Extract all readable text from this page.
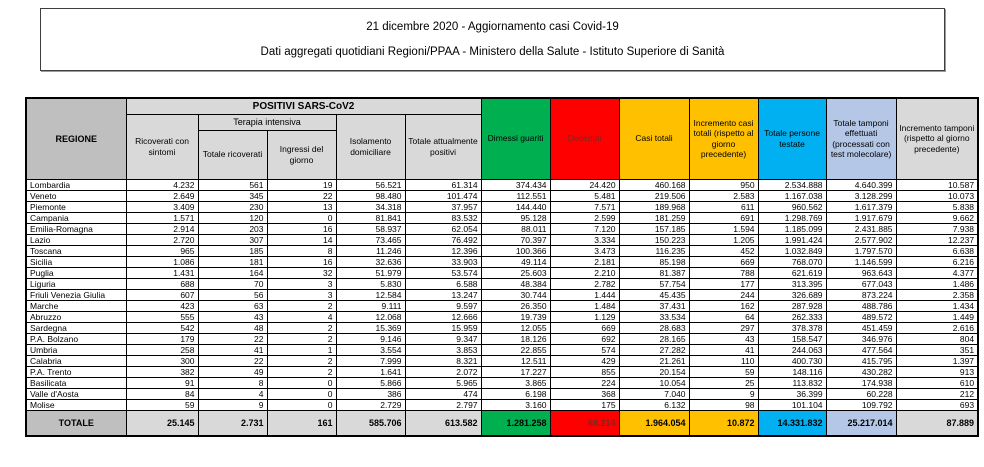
21 dicembre 2020 - Aggiornamento casi Covid-19
Dati aggregati quotidiani Regioni/PPAA - Ministero della Salute - Istituto Superiore di Sanità
REGIONE	POSITIVI SARS-CoV2					Dimessi guariti	Deceduti	Casi totali	Incremento casi totali (rispetto al giorno precedente)	Totale persone testate	Totale tamponi effettuati (processati con test molecolare)	Incremento tamponi (rispetto al giorno precedente)
	Ricoverati con sintomi	Terapia intensiva		Isolamento domiciliare	Totale attualmente positivi							
		Totale ricoverati	Ingressi del giorno									
Lombardia	4.232	561	19	56.521	61.314	374.434	24.420	460.168	950	2.534.888	4.640.399	10.587
Veneto	2.649	345	22	98.480	101.474	112.551	5.481	219.506	2.583	1.167.038	3.128.299	10.073
Piemonte	3.409	230	13	34.318	37.957	144.440	7.571	189.968	611	960.562	1.617.379	5.838
Campania	1.571	120	0	81.841	83.532	95.128	2.599	181.259	691	1.298.769	1.917.679	9.662
Emilia-Romagna	2.914	203	16	58.937	62.054	88.011	7.120	157.185	1.594	1.185.099	2.431.885	7.938
Lazio	2.720	307	14	73.465	76.492	70.397	3.334	150.223	1.205	1.991.424	2.577.902	12.237
Toscana	965	185	8	11.246	12.396	100.366	3.473	116.235	452	1.032.849	1.797.570	6.638
Sicilia	1.086	181	16	32.636	33.903	49.114	2.181	85.198	669	768.070	1.146.599	6.216
Puglia	1.431	164	32	51.979	53.574	25.603	2.210	81.387	788	621.619	963.643	4.377
Liguria	688	70	3	5.830	6.588	48.384	2.782	57.754	177	313.395	677.043	1.486
Friuli Venezia Giulia	607	56	3	12.584	13.247	30.744	1.444	45.435	244	326.689	873.224	2.358
Marche	423	63	2	9.111	9.597	26.350	1.484	37.431	162	287.928	488.786	1.434
Abruzzo	555	43	4	12.068	12.666	19.739	1.129	33.534	64	262.333	489.572	1.449
Sardegna	542	48	2	15.369	15.959	12.055	669	28.683	297	378.378	451.459	2.616
P.A. Bolzano	179	22	2	9.146	9.347	18.126	692	28.165	43	158.547	346.976	804
Umbria	258	41	1	3.554	3.853	22.855	574	27.282	41	244.063	477.564	351
Calabria	300	22	2	7.999	8.321	12.511	429	21.261	110	400.730	415.795	1.397
P.A. Trento	382	49	2	1.641	2.072	17.227	855	20.154	59	148.116	430.282	913
Basilicata	91	8	0	5.866	5.965	3.865	224	10.054	25	113.832	174.938	610
Valle d'Aosta	84	4	0	386	474	6.198	368	7.040	9	36.399	60.228	212
Molise	59	9	0	2.729	2.797	3.160	175	6.132	98	101.104	109.792	693
TOTALE	25.145	2.731	161	585.706	613.582	1.281.258	69.214	1.964.054	10.872	14.331.832	25.217.014	87.889
